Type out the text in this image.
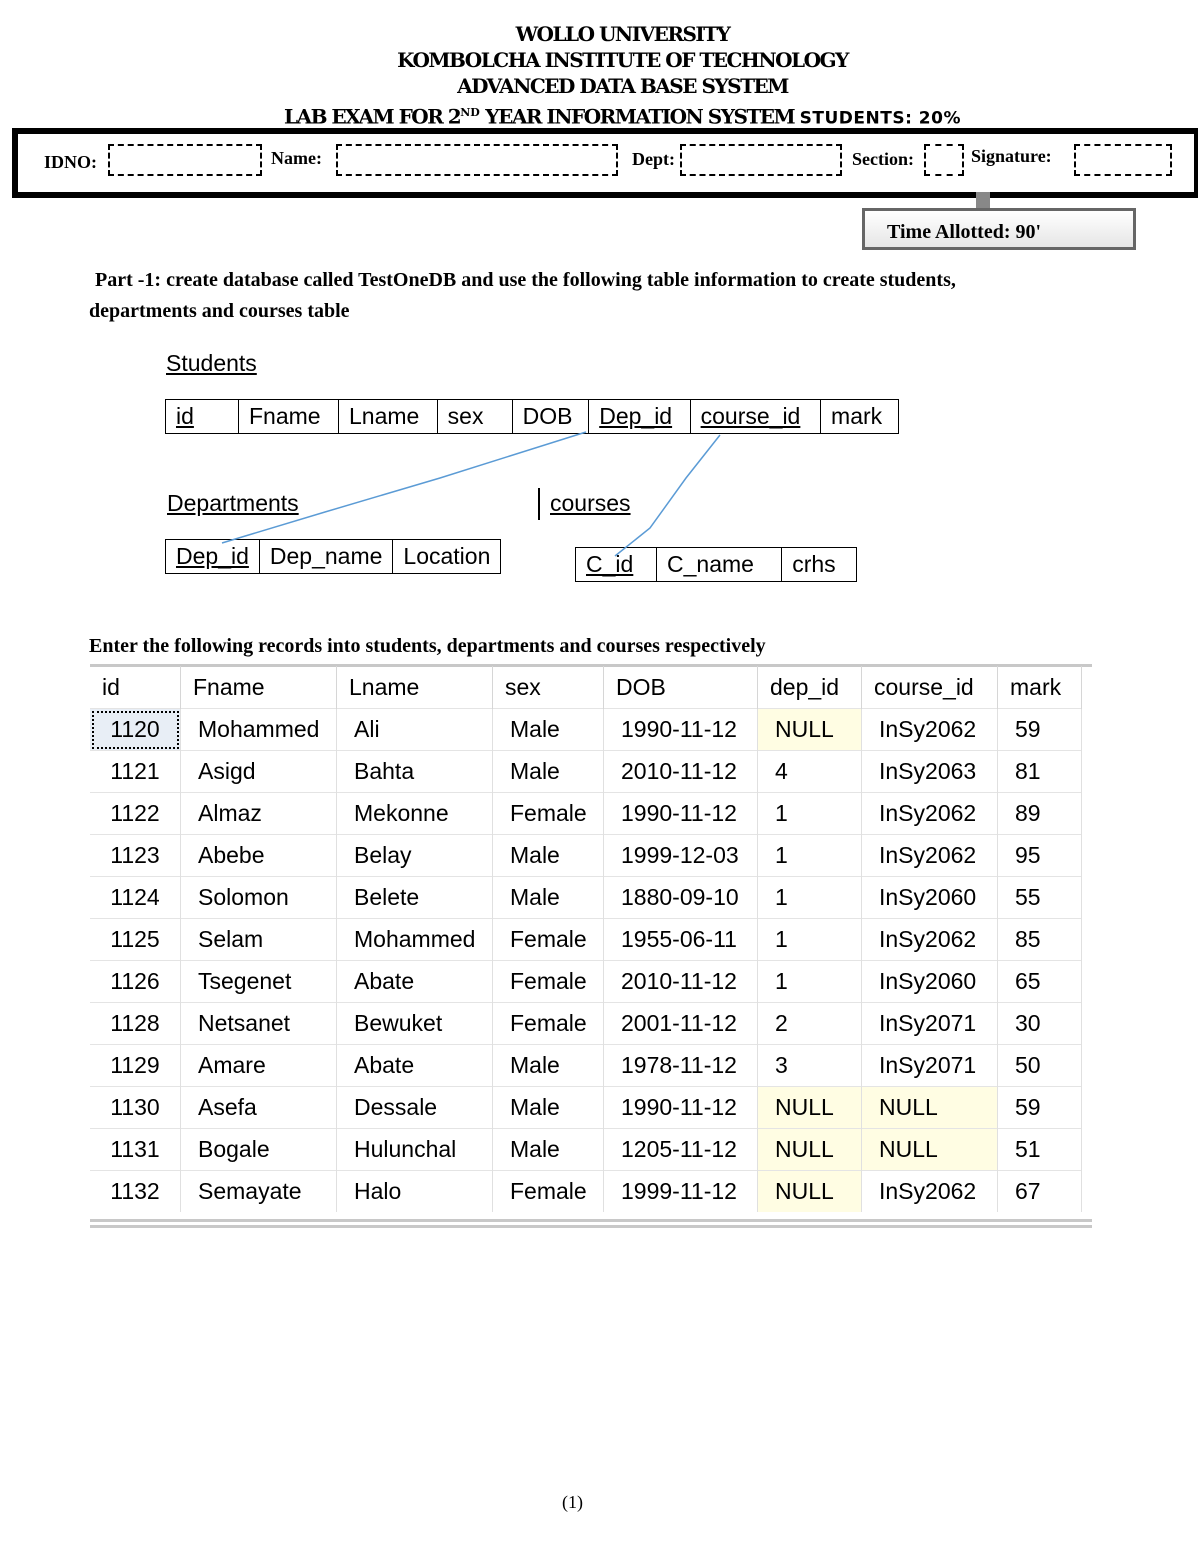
WOLLO UNIVERSITY
KOMBOLCHA INSTITUTE OF TECHNOLOGY
ADVANCED DATA BASE SYSTEM
LAB EXAM FOR 2ND YEAR INFORMATION SYSTEM STUDENTS: 20%
IDNO:	Name:	Dept:	Section:	Signature:
Time Allotted: 90'
Part -1: create database called TestOneDB and use the following table information to create students,
departments and courses table
Students
id	Fname	Lname	sex	DOB	Dep_id	course_id	mark
Departments	courses
Dep_id	Dep_name	Location	C_id	C_name	crhs
Enter the following records into students, departments and courses respectively
id	Fname	Lname	sex	DOB	dep_id	course_id	mark
1120	Mohammed	Ali	Male	1990-11-12	NULL	InSy2062	59
1121	Asigd	Bahta	Male	2010-11-12	4	InSy2063	81
1122	Almaz	Mekonne	Female	1990-11-12	1	InSy2062	89
1123	Abebe	Belay	Male	1999-12-03	1	InSy2062	95
1124	Solomon	Belete	Male	1880-09-10	1	InSy2060	55
1125	Selam	Mohammed	Female	1955-06-11	1	InSy2062	85
1126	Tsegenet	Abate	Female	2010-11-12	1	InSy2060	65
1128	Netsanet	Bewuket	Female	2001-11-12	2	InSy2071	30
1129	Amare	Abate	Male	1978-11-12	3	InSy2071	50
1130	Asefa	Dessale	Male	1990-11-12	NULL	NULL	59
1131	Bogale	Hulunchal	Male	1205-11-12	NULL	NULL	51
1132	Semayate	Halo	Female	1999-11-12	NULL	InSy2062	67
(1)
